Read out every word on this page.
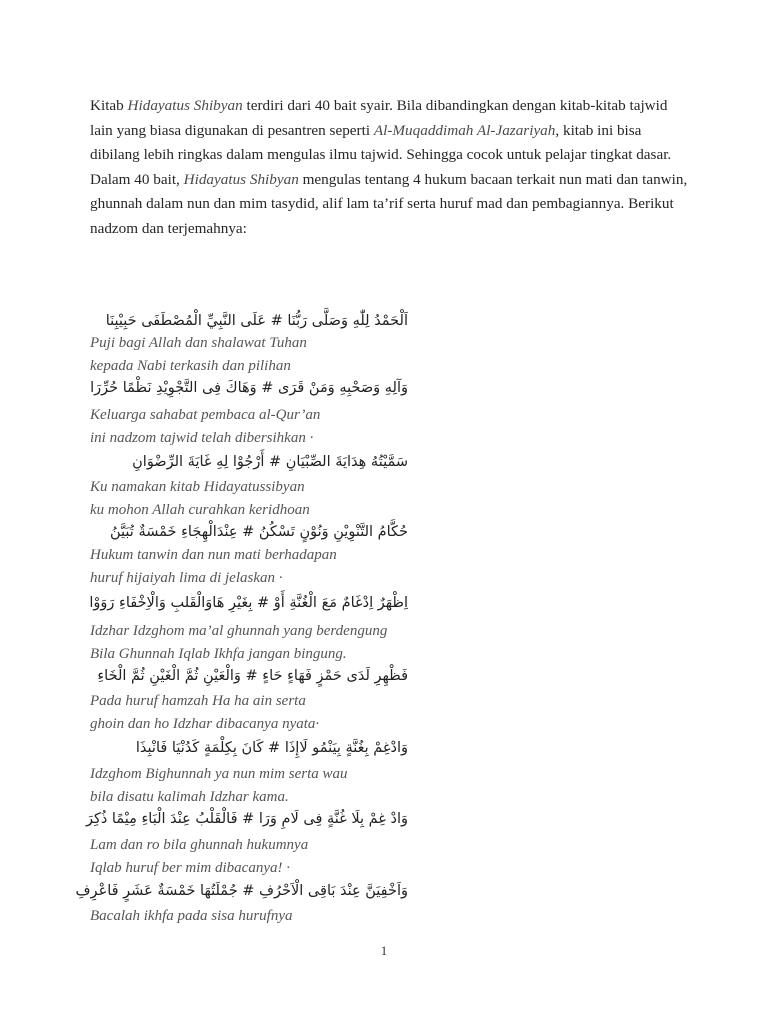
Kitab Hidayatus Shibyan terdiri dari 40 bait syair. Bila dibandingkan dengan kitab-kitab tajwid lain yang biasa digunakan di pesantren seperti Al-Muqaddimah Al-Jazariyah, kitab ini bisa dibilang lebih ringkas dalam mengulas ilmu tajwid. Sehingga cocok untuk pelajar tingkat dasar.

Dalam 40 bait, Hidayatus Shibyan mengulas tentang 4 hukum bacaan terkait nun mati dan tanwin, ghunnah dalam nun dan mim tasydid, alif lam ta’rif serta huruf mad dan pembagiannya. Berikut nadzom dan terjemahnya:

اَلْحَمْدُ لِلّٰهِ وَصَلَّى رَبُّنَا # عَلَى النَّبِيِّ الْمُصْطَفَى حَبِيْبِنَا
Puji bagi Allah dan shalawat Tuhan
kepada Nabi terkasih dan pilihan
وَآلِهِ وَصَحْبِهِ وَمَنْ قَرَى # وَهَاكَ فِى التَّجْوِيْدِ نَظْمًا حُرِّرَا
Keluarga sahabat pembaca al-Qur’an
ini nadzom tajwid telah dibersihkan ·
سَمَّيْتُهُ هِدَايَةَ الصِّبْيَانِ # أَرْجُوْا لِهِ غَايَةَ الرِّضْوَانِ
Ku namakan kitab Hidayatussibyan
ku mohon Allah curahkan keridhoan
حُكَّامُ التَّنْوِيْنِ وَنُوْنٍ تَسْكُنُ # عِنْدَالْهِجَاءِ خَمْسَةٌ تُبَيَّنُ
Hukum tanwin dan nun mati berhadapan
huruf hijaiyah lima di jelaskan ·
اِظْهَرٌ اِدْغَامٌ مَعَ الْغُنَّةِ أَوْ # بِغَيْرِ هَاوَالْقَلبِ وَالْاِخْفَاءِ رَوَوْا
Idzhar Idzghom ma’al ghunnah yang berdengung
Bila Ghunnah Iqlab Ikhfa jangan bingung.
فَظْهِرِ لَدَى حَمْزٍ فَهَاءٍ حَاءٍ # وَالْعَيْنِ ثُمَّ الْغَيْنِ ثُمَّ الْخَاءِ
Pada huruf hamzah Ha ha ain serta
ghoin dan ho Idzhar dibacanya nyata·
وَادْغِمْ بِغُنَّةٍ بِيَنْمُو لَاإِذَا # كَانَ بِكِلْمَةٍ كَدُنْيَا فَانْبِذَا
Idzghom Bighunnah ya nun mim serta wau
bila disatu kalimah Idzhar kama.
وَادْ غِمْ بِلَا غُنَّةٍ فِى لَامِ وَرَا # فَالْقَلْبُ عِنْدَ الْبَاءِ مِيْمًا ذُكِرَ
Lam dan ro bila ghunnah hukumnya
Iqlab huruf ber mim dibacanya! ·
وَاَخْفِيَنَّ عِنْدَ بَاقِى الْاَحْرُفِ # جُمْلَتُهَا خَمْسَةٌ عَشَرٍ فَاعْرِفِ
Bacalah ikhfa pada sisa hurufnya
1
